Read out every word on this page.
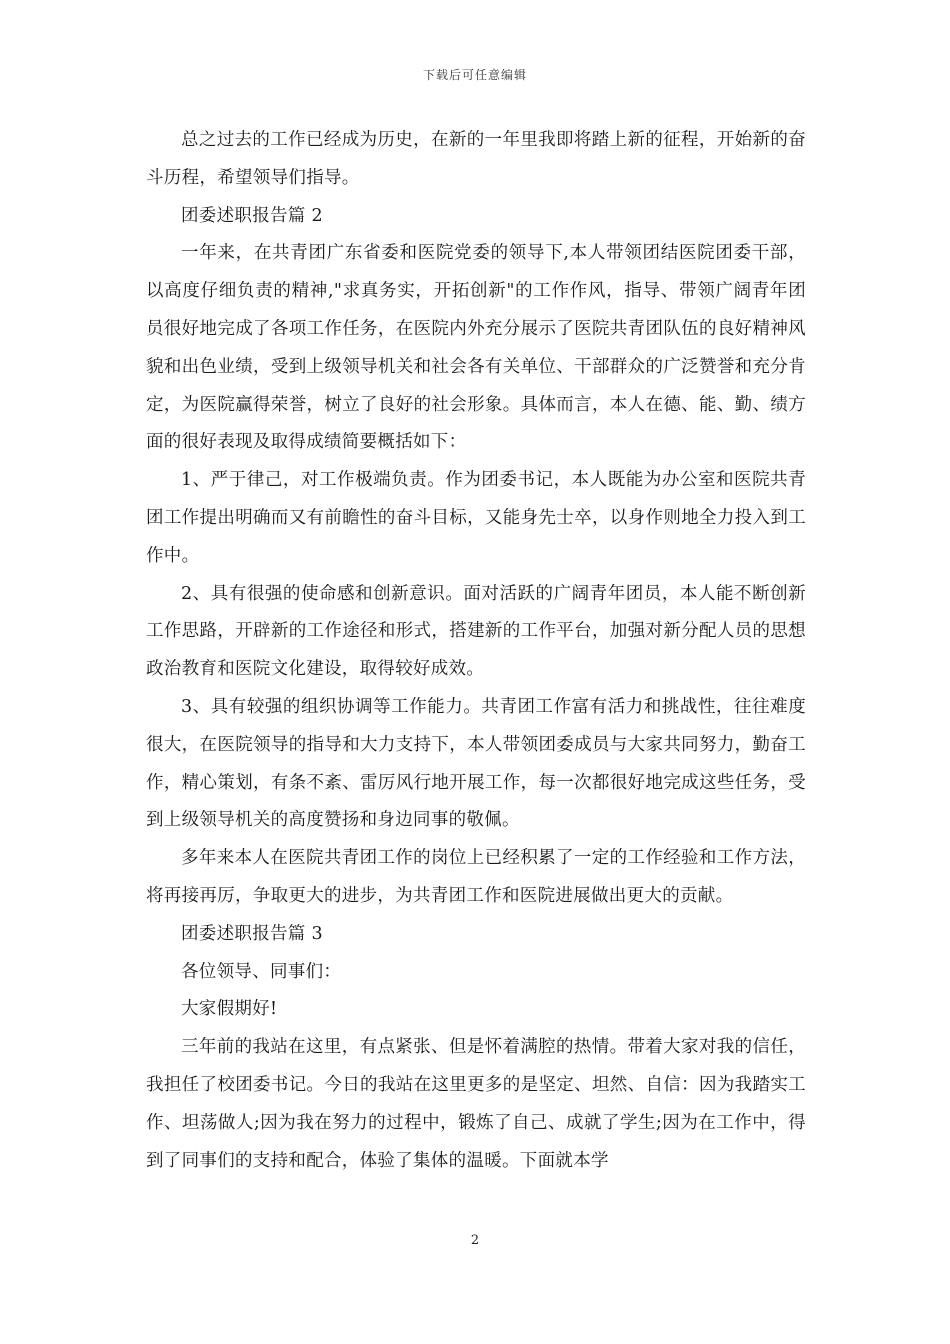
下载后可任意编辑

总之过去的工作已经成为历史，在新的一年里我即将踏上新的征程，开始新的奋斗历程，希望领导们指导。

团委述职报告篇 2

一年来，在共青团广东省委和医院党委的领导下,本人带领团结医院团委干部，以高度仔细负责的精神,"求真务实，开拓创新"的工作作风，指导、带领广阔青年团员很好地完成了各项工作任务，在医院内外充分展示了医院共青团队伍的良好精神风貌和出色业绩，受到上级领导机关和社会各有关单位、干部群众的广泛赞誉和充分肯定，为医院赢得荣誉，树立了良好的社会形象。具体而言，本人在德、能、勤、绩方面的很好表现及取得成绩简要概括如下：

1、严于律己，对工作极端负责。作为团委书记，本人既能为办公室和医院共青团工作提出明确而又有前瞻性的奋斗目标，又能身先士卒，以身作则地全力投入到工作中。

2、具有很强的使命感和创新意识。面对活跃的广阔青年团员，本人能不断创新工作思路，开辟新的工作途径和形式，搭建新的工作平台，加强对新分配人员的思想政治教育和医院文化建设，取得较好成效。

3、具有较强的组织协调等工作能力。共青团工作富有活力和挑战性，往往难度很大，在医院领导的指导和大力支持下，本人带领团委成员与大家共同努力，勤奋工作，精心策划，有条不紊、雷厉风行地开展工作，每一次都很好地完成这些任务，受到上级领导机关的高度赞扬和身边同事的敬佩。

多年来本人在医院共青团工作的岗位上已经积累了一定的工作经验和工作方法，将再接再厉，争取更大的进步，为共青团工作和医院进展做出更大的贡献。

团委述职报告篇 3

各位领导、同事们：

大家假期好!

三年前的我站在这里，有点紧张、但是怀着满腔的热情。带着大家对我的信任，我担任了校团委书记。今日的我站在这里更多的是坚定、坦然、自信：因为我踏实工作、坦荡做人;因为我在努力的过程中，锻炼了自己、成就了学生;因为在工作中，得到了同事们的支持和配合，体验了集体的温暖。下面就本学

2
